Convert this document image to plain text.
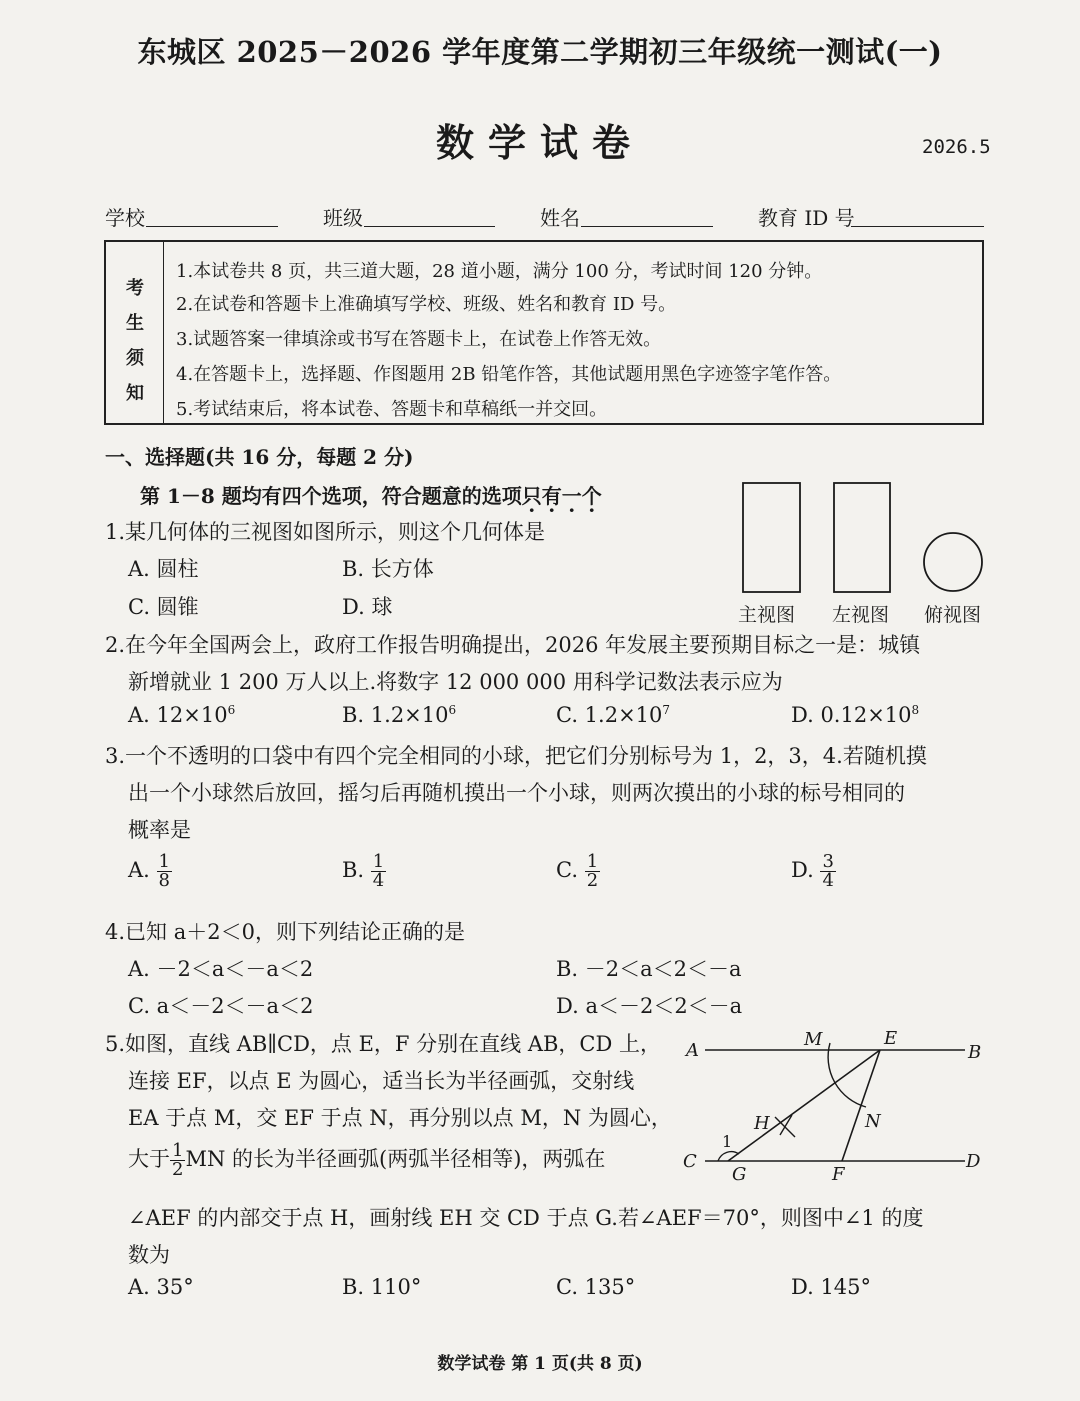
东城区 2025－2026 学年度第二学期初三年级统一测试(一)
数学试卷	2026.5
学校	班级	姓名	教育 ID 号
考
生
须
知
1.本试卷共 8 页，共三道大题，28 道小题，满分 100 分，考试时间 120 分钟。
2.在试卷和答题卡上准确填写学校、班级、姓名和教育 ID 号。
3.试题答案一律填涂或书写在答题卡上，在试卷上作答无效。
4.在答题卡上，选择题、作图题用 2B 铅笔作答，其他试题用黑色字迹签字笔作答。
5.考试结束后，将本试卷、答题卡和草稿纸一并交回。
一、选择题(共 16 分，每题 2 分)
第 1－8 题均有四个选项，符合题意的选项只有一个
1.某几何体的三视图如图所示，则这个几何体是
A. 圆柱	B. 长方体
C. 圆锥	D. 球	主视图 左视图 俯视图
2.在今年全国两会上，政府工作报告明确提出，2026 年发展主要预期目标之一是：城镇
新增就业 1 200 万人以上.将数字 12 000 000 用科学记数法表示应为
A. $12\times 10^6$	B. $1.2\times 10^6$	C. $1.2\times 10^7$	D. $0.12\times 10^8$
3.一个不透明的口袋中有四个完全相同的小球，把它们分别标号为 1，2，3，4.若随机摸
出一个小球然后放回，摇匀后再随机摸出一个小球，则两次摸出的小球的标号相同的
概率是
A. $\frac{1}{8}$	B. $\frac{1}{4}$	C. $\frac{1}{2}$	D. $\frac{3}{4}$
4.已知 a＋2＜0，则下列结论正确的是
A. －2＜a＜－a＜2	B. －2＜a＜2＜－a
C. a＜－2＜－a＜2	D. a＜－2＜2＜－a
5.如图，直线 AB∥CD，点 E，F 分别在直线 AB，CD 上，
连接 EF，以点 E 为圆心，适当长为半径画弧，交射线
EA 于点 M，交 EF 于点 N，再分别以点 M，N 为圆心，
大于 $\frac{1}{2}$ MN 的长为半径画弧(两弧半径相等)，两弧在
∠AEF 的内部交于点 H，画射线 EH 交 CD 于点 G.若∠AEF＝70°，则图中∠1 的度
数为
A. 35°	B. 110°	C. 135°	D. 145°
A	B
C	D
E
F
G
H
M
N
1
数学试卷 第 1 页(共 8 页)
